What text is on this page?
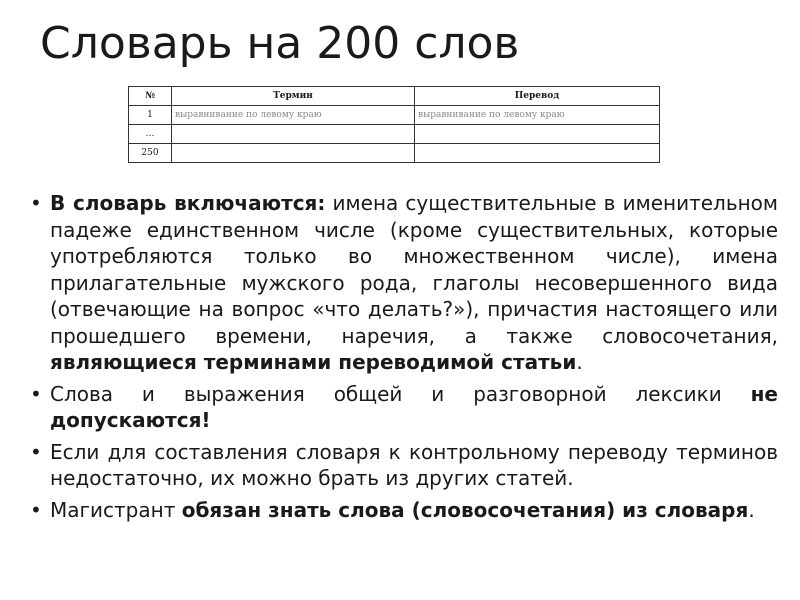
Словарь на 200 слов
№	Термин	Перевод
1	выравнивание по левому краю	выравнивание по левому краю
…		
250		
• В словарь включаются: имена существительные в именительном падеже единственном числе (кроме существительных, которые употребляются только во множественном числе), имена прилагательные мужского рода, глаголы несовершенного вида (отвечающие на вопрос «что делать?»), причастия настоящего или прошедшего времени, наречия, а также словосочетания, являющиеся терминами переводимой статьи.
• Слова и выражения общей и разговорной лексики не допускаются!
• Если для составления словаря к контрольному переводу терминов недостаточно, их можно брать из других статей.
• Магистрант обязан знать слова (словосочетания) из словаря.
